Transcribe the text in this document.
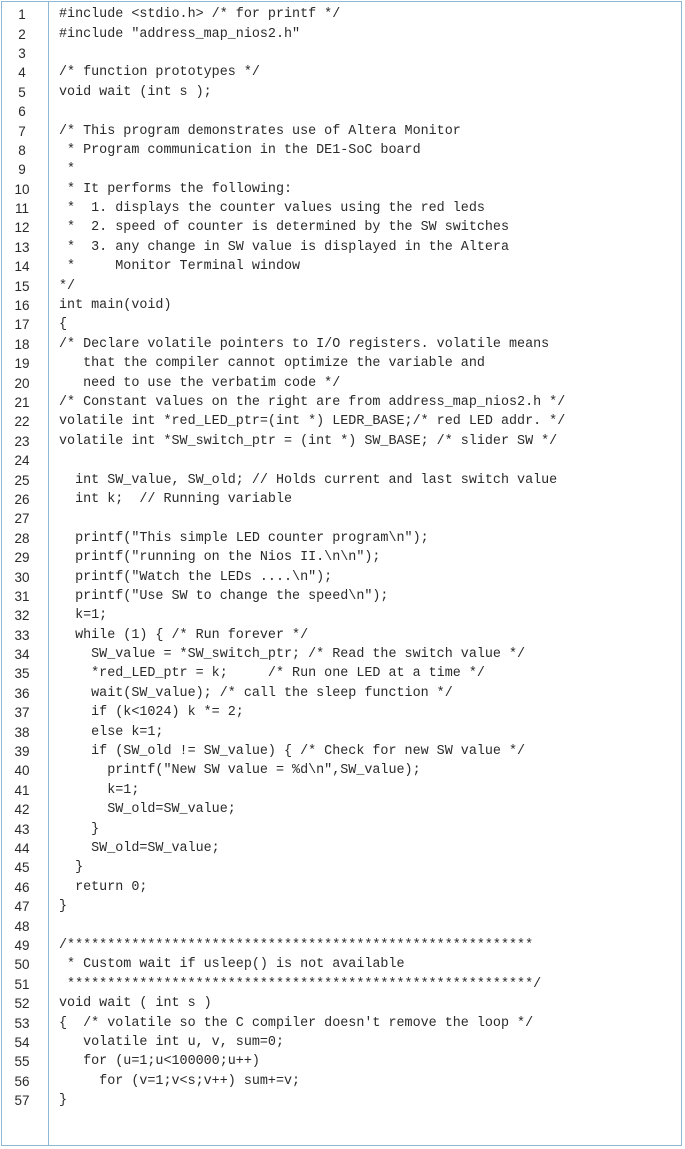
1	#include <stdio.h> /* for printf */
2	#include "address_map_nios2.h"
3
4	/* function prototypes */
5	void wait (int s );
6
7	/* This program demonstrates use of Altera Monitor
8	* Program communication in the DE1-SoC board
9	*
10	* It performs the following:
11	*  1. displays the counter values using the red leds
12	*  2. speed of counter is determined by the SW switches
13	*  3. any change in SW value is displayed in the Altera
14	*     Monitor Terminal window
15	*/
16	int main(void)
17	{
18	/* Declare volatile pointers to I/O registers. volatile means
19	that the compiler cannot optimize the variable and
20	need to use the verbatim code */
21	/* Constant values on the right are from address_map_nios2.h */
22	volatile int *red_LED_ptr=(int *) LEDR_BASE;/* red LED addr. */
23	volatile int *SW_switch_ptr = (int *) SW_BASE; /* slider SW */
24
25	int SW_value, SW_old; // Holds current and last switch value
26	int k;  // Running variable
27
28	printf("This simple LED counter program\n");
29	printf("running on the Nios II.\n\n");
30	printf("Watch the LEDs ....\n");
31	printf("Use SW to change the speed\n");
32	k=1;
33	while (1) { /* Run forever */
34	SW_value = *SW_switch_ptr; /* Read the switch value */
35	*red_LED_ptr = k;     /* Run one LED at a time */
36	wait(SW_value); /* call the sleep function */
37	if (k<1024) k *= 2;
38	else k=1;
39	if (SW_old != SW_value) { /* Check for new SW value */
40	printf("New SW value = %d\n",SW_value);
41	k=1;
42	SW_old=SW_value;
43	}
44	SW_old=SW_value;
45	}
46	return 0;
47	}
48
49	/**********************************************************
50	* Custom wait if usleep() is not available
51	**********************************************************/
52	void wait ( int s )
53	{  /* volatile so the C compiler doesn't remove the loop */
54	volatile int u, v, sum=0;
55	for (u=1;u<100000;u++)
56	for (v=1;v<s;v++) sum+=v;
57	}
